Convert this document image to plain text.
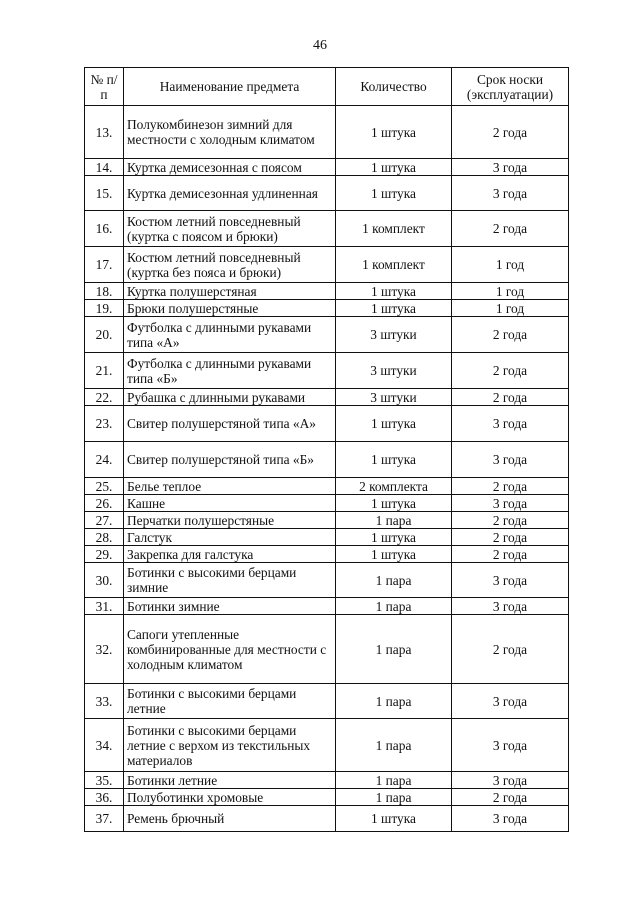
46
№ п/п	Наименование предмета	Количество	Срок носки (эксплуатации)
13.	Полукомбинезон зимний для местности с холодным климатом	1 штука	2 года
14.	Куртка демисезонная с поясом	1 штука	3 года
15.	Куртка демисезонная удлиненная	1 штука	3 года
16.	Костюм летний повседневный (куртка с поясом и брюки)	1 комплект	2 года
17.	Костюм летний повседневный (куртка без пояса и брюки)	1 комплект	1 год
18.	Куртка полушерстяная	1 штука	1 год
19.	Брюки полушерстяные	1 штука	1 год
20.	Футболка с длинными рукавами типа «А»	3 штуки	2 года
21.	Футболка с длинными рукавами типа «Б»	3 штуки	2 года
22.	Рубашка с длинными рукавами	3 штуки	2 года
23.	Свитер полушерстяной типа «А»	1 штука	3 года
24.	Свитер полушерстяной типа «Б»	1 штука	3 года
25.	Белье теплое	2 комплекта	2 года
26.	Кашне	1 штука	3 года
27.	Перчатки полушерстяные	1 пара	2 года
28.	Галстук	1 штука	2 года
29.	Закрепка для галстука	1 штука	2 года
30.	Ботинки с высокими берцами зимние	1 пара	3 года
31.	Ботинки зимние	1 пара	3 года
32.	Сапоги утепленные комбинированные для местности с холодным климатом	1 пара	2 года
33.	Ботинки с высокими берцами летние	1 пара	3 года
34.	Ботинки с высокими берцами летние с верхом из текстильных материалов	1 пара	3 года
35.	Ботинки летние	1 пара	3 года
36.	Полуботинки хромовые	1 пара	2 года
37.	Ремень брючный	1 штука	3 года
